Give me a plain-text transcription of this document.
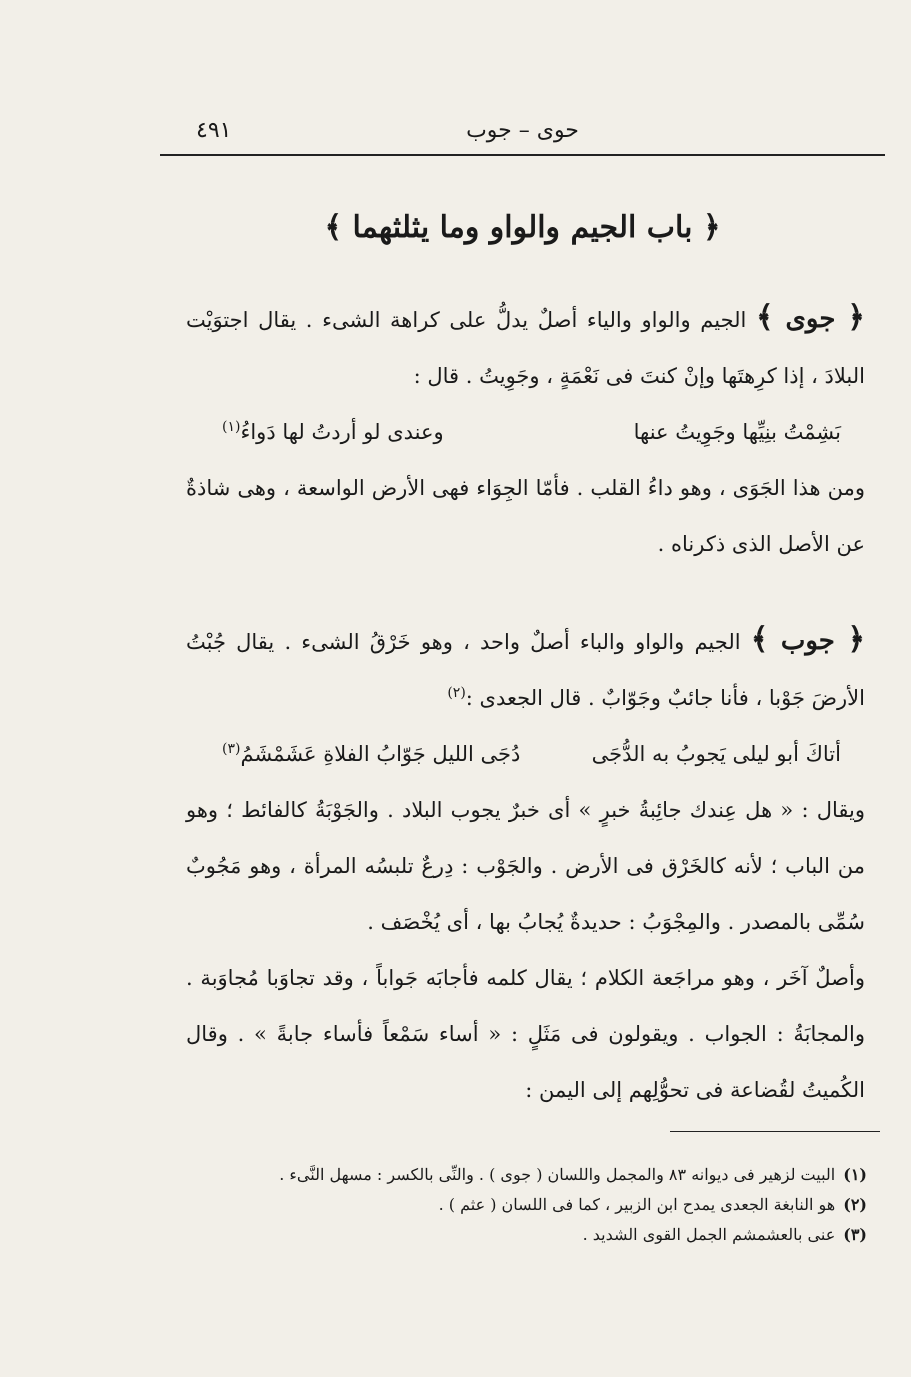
حوى – جوب
٤٩١
﴿ باب الجيم والواو وما يثلثهما ﴾

﴿ جوى ﴾ الجيم والواو والياء أصلٌ يدلُّ على كراهة الشىء . يقال اجتوَيْت البلادَ ، إذا كرِهتَها وإنْ كنتَ فى نَعْمَةٍ ، وجَوِيتُ . قال :

بَشِمْتُ بنِيِّها وجَوِيتُ عنها
وعندى لو أردتُ لها دَواءُ$^{(١)}$

ومن هذا الجَوَى ، وهو داءُ القلب . فأمّا الجِوَاء فهى الأرض الواسعة ، وهى شاذةٌ عن الأصل الذى ذكرناه .

﴿ جوب ﴾ الجيم والواو والباء أصلٌ واحد ، وهو خَرْقُ الشىء . يقال جُبْتُ الأرضَ جَوْبا ، فأنا جائبٌ وجَوّابٌ . قال الجعدى :$^{(٢)}$

أتاكَ أبو ليلى يَجوبُ به الدُّجَى
دُجَى الليل جَوّابُ الفلاةِ عَشَمْشَمُ$^{(٣)}$

ويقال : « هل عِندك جائِبةُ خبرٍ » أى خبرٌ يجوب البلاد . والجَوْبَةُ كالفائط ؛ وهو من الباب ؛ لأنه كالخَرْق فى الأرض . والجَوْب : دِرعٌ تلبسُه المرأة ، وهو مَجُوبٌ سُمِّى بالمصدر . والمِجْوَبُ : حديدةٌ يُجابُ بها ، أى يُخْصَف .

وأصلٌ آخَر ، وهو مراجَعة الكلام ؛ يقال كلمه فأجابَه جَواباً ، وقد تجاوَبا مُجاوَبة . والمجابَةُ : الجواب . ويقولون فى مَثَلٍ : « أساء سَمْعاً فأساء جابةً » . وقال الكُميتُ لقُضاعة فى تحوُّلِهم إلى اليمن :

(١)البيت لزهير فى ديوانه ٨٣ والمجمل واللسان ( جوى ) . والنِّى بالكسر : مسهل النَّىء .

(٢)هو النابغة الجعدى يمدح ابن الزبير ، كما فى اللسان ( عثم ) .

(٣)عنى بالعشمشم الجمل القوى الشديد .
